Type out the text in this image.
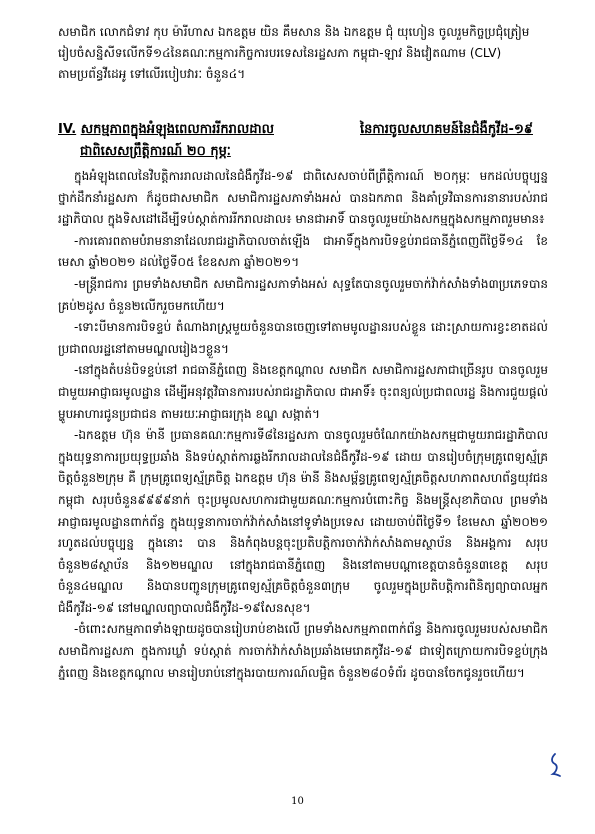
សមាជិក លោកជំទាវ កុប ម៉ារីហាស ឯកឧត្តម យិន គឹមសាន និង ឯកឧត្តម ជុំ យុហៀន ចូលរួមកិច្ចប្រជុំត្រៀម
រៀបចំសន្និសីទលើកទី១៤នៃគណៈកម្មការកិច្ចការបរទេសនៃរដ្ឋសភា កម្ពុជា-ឡាវ និងវៀតណាម (CLV)
តាមប្រព័ន្ធវីដេអូ ទៅលើរបៀបវារៈ ចំនួន៤។
IV. សកម្មភាពក្នុងអំឡុងពេលការរីករាលដាល	នៃការចូលសហគមន៍នៃជំងឺកូវីដ-១៩
ជាពិសេសព្រឹត្តិការណ៍ ២០ កុម្ភៈ

ក្នុងអំឡុងពេលនៃវិបត្តិការរាលដាលនៃជំងឺកូវីដ-១៩ ជាពិសេសចាប់ពីព្រឹត្តិការណ៍ ២០កុម្ភៈ មកដល់បច្ចុប្បន្ន ថ្នាក់ដឹកនាំរដ្ឋសភា ក៏ដូចជាសមាជិក សមាជិការដ្ឋសភាទាំងអស់ បានឯកភាព និងគាំទ្រវិធានការនានារបស់រាជរដ្ឋាភិបាល ក្នុងទិសដៅដើម្បីទប់ស្កាត់ការរីករាលដាល៖ មានជាអាទិ៍ បានចូលរួមយ៉ាងសកម្មក្នុងសកម្មភាពរួមមាន៖

-ការគោរពតាមបំរាមនានាដែលរាជរដ្ឋាភិបាលចាត់ឡើង ជាអាទិ៍ក្នុងការបិទខ្ទប់រាជធានីភ្នំពេញពីថ្ងៃទី១៤ ខែមេសា ឆ្នាំ២០២១ ដល់ថ្ងៃទី០៥ ខែឧសភា ឆ្នាំ២០២១។

-មន្ត្រីរាជការ ព្រមទាំងសមាជិក សមាជិការដ្ឋសភាទាំងអស់ សុទ្ធតែបានចូលរួមចាក់វ៉ាក់សាំងទាំង៣ប្រភេទបានគ្រប់២ដូស ចំនួន២លើករួចមកហើយ។

-ទោះបីមានការបិទខ្ទប់ តំណាងរាស្ត្រមួយចំនួនបានចេញទៅតាមមូលដ្ឋានរបស់ខ្លួន ដោះស្រាយការខ្វះខាតដល់ប្រជាពលរដ្ឋនៅតាមមណ្ឌលរៀងៗខ្លួន។

-នៅក្នុងតំបន់បិទខ្ទប់នៅ រាជធានីភ្នំពេញ និងខេត្តកណ្ដាល សមាជិក សមាជិការដ្ឋសភាជាច្រើនរូប បានចូលរួមជាមួយអាជ្ញាធរមូលដ្ឋាន ដើម្បីអនុវត្តវិធានការរបស់រាជរដ្ឋាភិបាល ជាអាទិ៍៖ ចុះពន្យល់ប្រជាពលរដ្ឋ និងការជួយផ្ដល់ម្ហូបអាហារជូនប្រជាជន តាមរយៈអាជ្ញាធរក្រុង ខណ្ឌ សង្កាត់។

-ឯកឧត្តម ហ៊ុន ម៉ានី ប្រធានគណៈកម្មការទី៨នៃរដ្ឋសភា បានចូលរួមចំណែកយ៉ាងសកម្មជាមួយរាជរដ្ឋាភិបាល ក្នុងយុទ្ធនាការប្រយុទ្ធប្រឆាំង និងទប់ស្កាត់ការឆ្លងរីករាលដាលនៃជំងឺកូវីដ-១៩ ដោយ បានរៀបចំក្រុមគ្រូពេទ្យស្ម័គ្រចិត្តចំនួន២ក្រុម គឺ ក្រុមគ្រូពេទ្យស្ម័គ្រចិត្ត ឯកឧត្តម ហ៊ុន ម៉ានី និងសម្ព័ន្ធគ្រូពេទ្យស្ម័គ្រចិត្តសហភាពសហព័ន្ធយុវជនកម្ពុជា សរុបចំនួន៩៩៩៩នាក់ ចុះប្រមូលសហការជាមួយគណៈកម្មការបំពោះកិច្ច និងមន្ត្រីសុខាភិបាល ព្រមទាំងអាជ្ញាធរមូលដ្ឋានពាក់ព័ន្ធ ក្នុងយុទ្ធនាការចាក់វ៉ាក់សាំងនៅទូទាំងប្រទេស ដោយចាប់ពីថ្ងៃទី១ ខែមេសា ឆ្នាំ២០២១ រហូតដល់បច្ចុប្បន្ន ក្នុងនោះ បាន និងកំពុងបន្តចុះប្រតិបត្តិការចាក់វ៉ាក់សាំងតាមស្ថាប័ន និងអង្គការ សរុបចំនួន២៨ស្ថាប័ន និង១២មណ្ឌល នៅក្នុងរាជធានីភ្នំពេញ និងនៅតាមបណ្ដាខេត្តបានចំនួន៣ខេត្ត សរុបចំនួន៤មណ្ឌល និងបានបញ្ជូនក្រុមគ្រូពេទ្យស្ម័គ្រចិត្តចំនួន៣ក្រុម ចូលរួមក្នុងប្រតិបត្តិការពិនិត្យព្យាបាលអ្នកជំងឺកូវីដ-១៩ នៅមណ្ឌលព្យាបាលជំងឺកូវីដ-១៩សែនសុខ។

-ចំពោះសកម្មភាពទាំងឡាយដូចបានរៀបរាប់ខាងលើ ព្រមទាំងសកម្មភាពពាក់ព័ន្ធ និងការចូលរួមរបស់សមាជិក សមាជិការដ្ឋសភា ក្នុងការឃ្លាំ ទប់ស្កាត់ ការចាក់វ៉ាក់សាំងប្រឆាំងមេរោគកូវីដ-១៩ ជាទៀតក្រោយការបិទខ្ទប់ក្រុងភ្នំពេញ និងខេត្តកណ្ដាល មានរៀបរាប់នៅក្នុងរបាយការណ៍លម្អិត ចំនួន២៨០ទំព័រ ដូចបានចែកជូនរួចហើយ។

10
